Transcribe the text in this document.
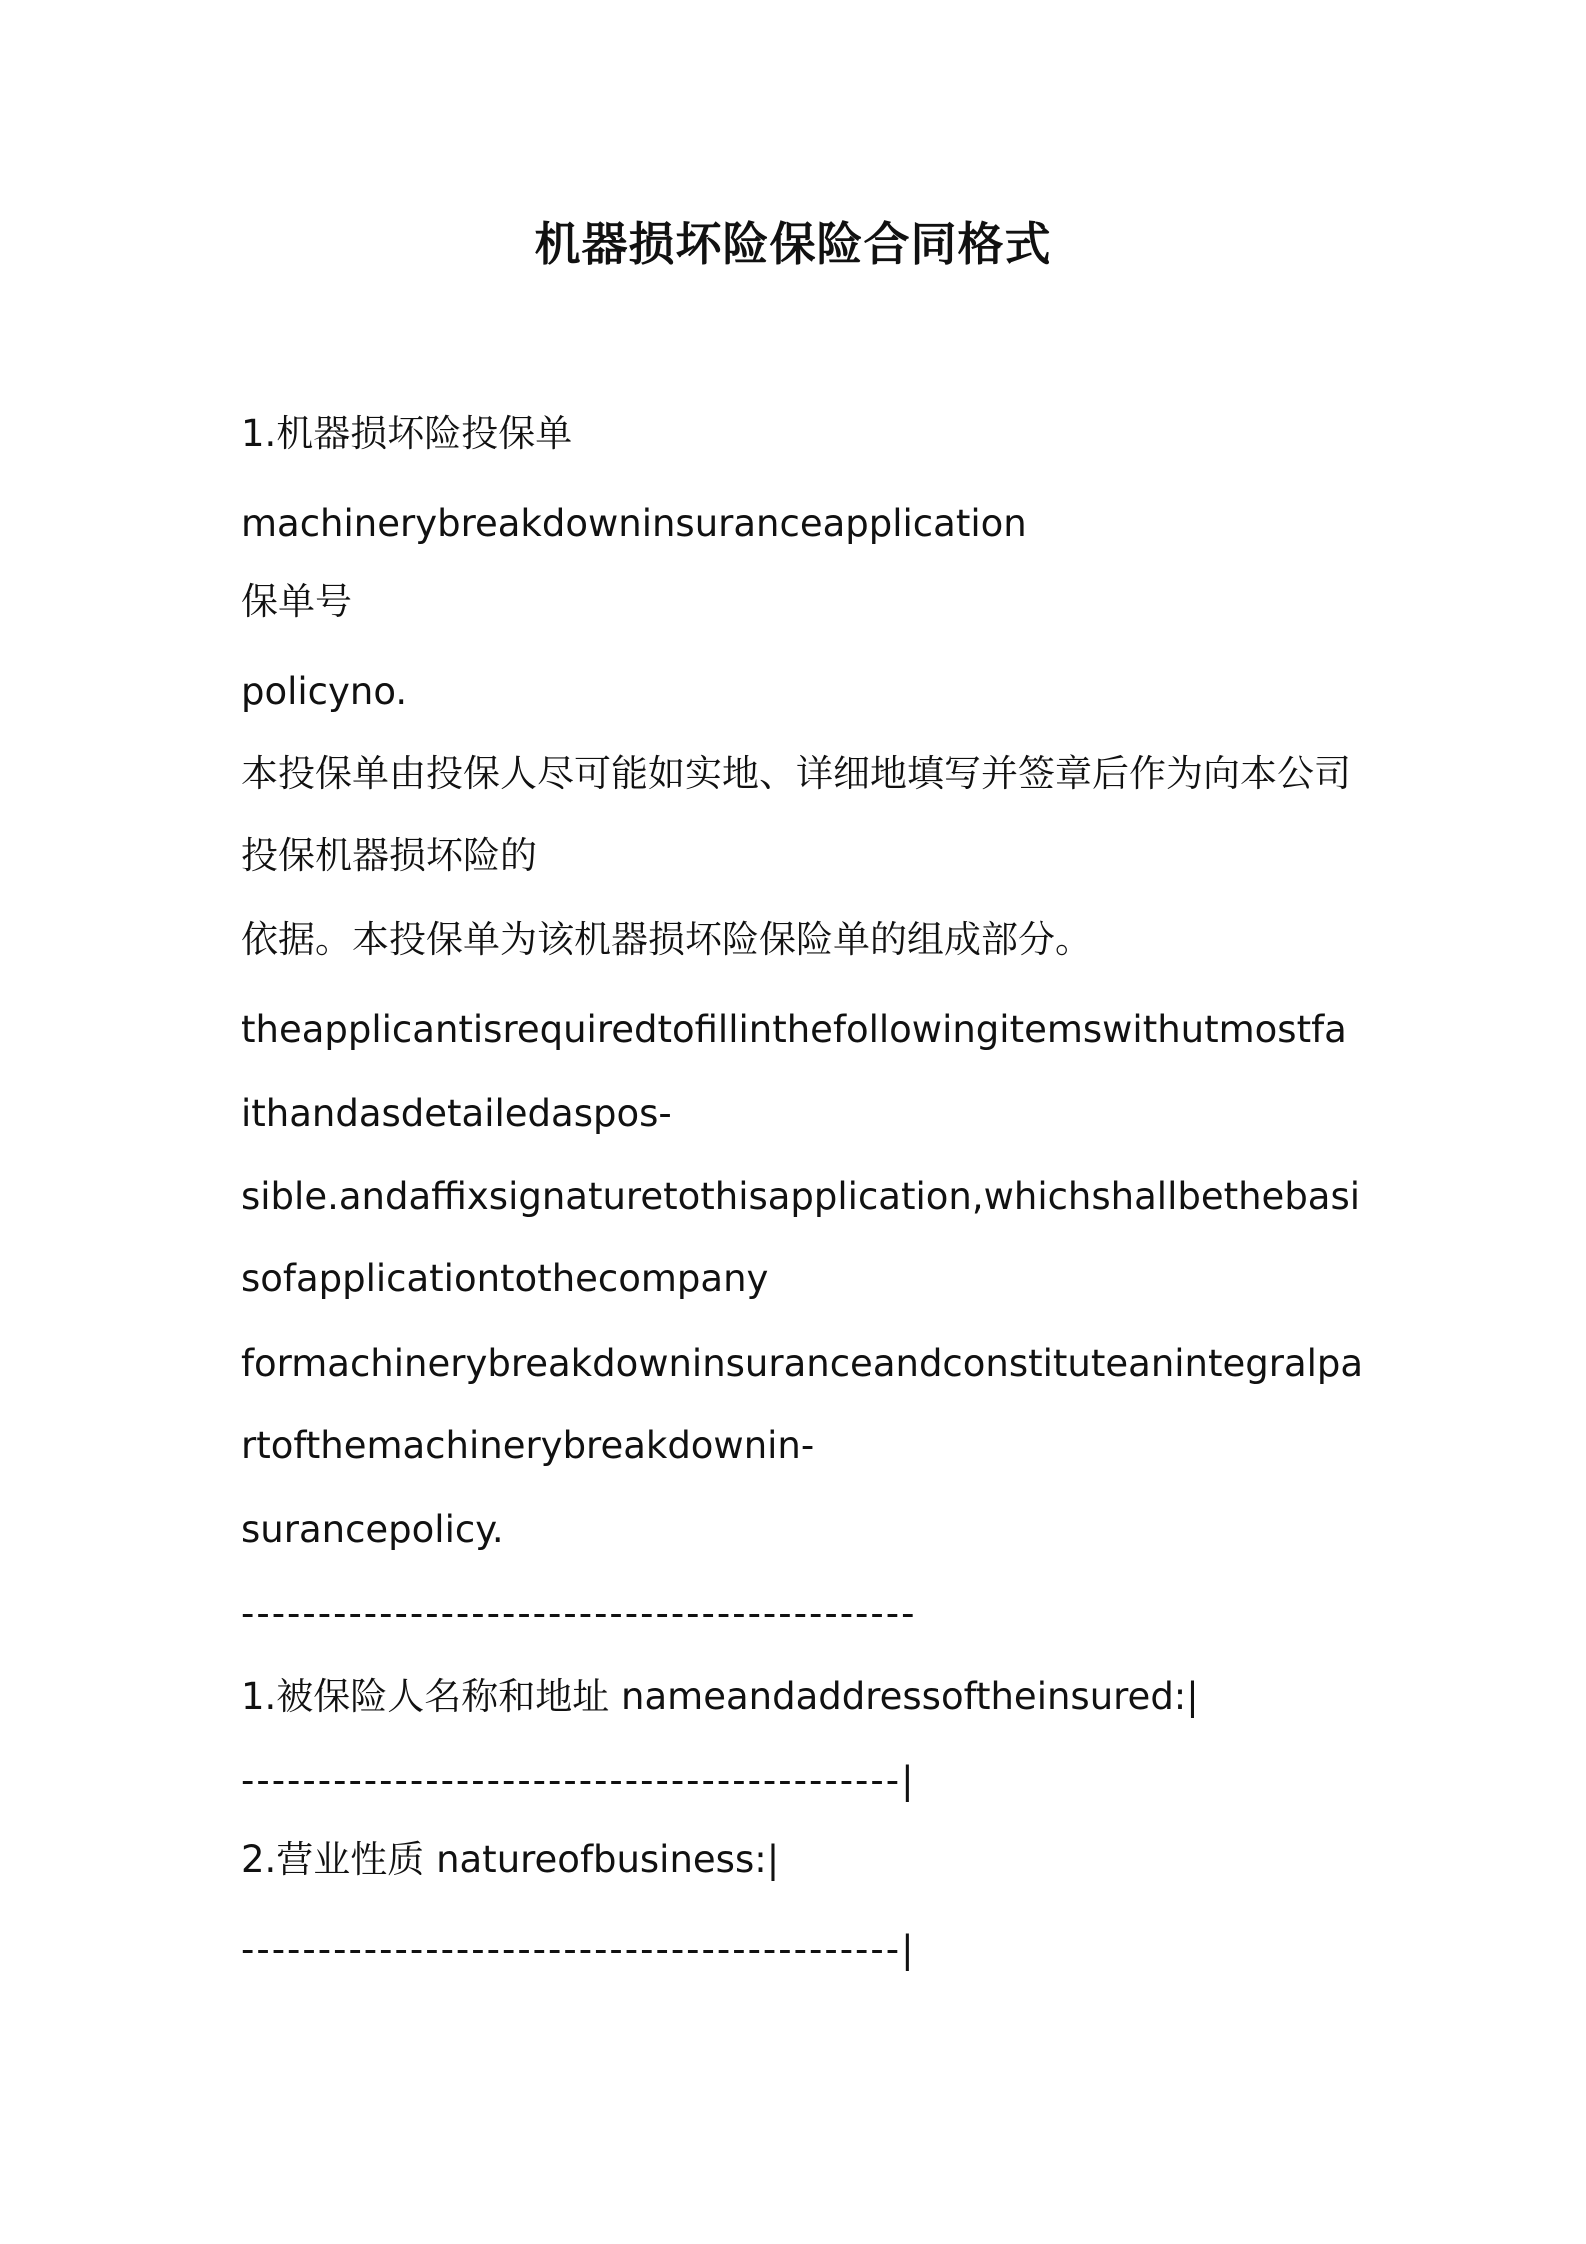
机器损坏险保险合同格式
1.机器损坏险投保单
machinerybreakdowninsuranceapplication
保单号
policyno.
本投保单由投保人尽可能如实地、详细地填写并签章后作为向本公司
投保机器损坏险的
依据。本投保单为该机器损坏险保险单的组成部分。
theapplicantisrequiredtofillinthefollowingitemswithutmostfa
ithandasdetailedaspos-
sible.andaffixsignaturetothisapplication,whichshallbethebasi
sofapplicationtothecompany
formachinerybreakdowninsuranceandconstituteanintegralpa
rtofthemachinerybreakdownin-
surancepolicy.
--------------------------------------------
1.被保险人名称和地址 nameandaddressoftheinsured:|
-------------------------------------------|
2.营业性质 natureofbusiness:|
-------------------------------------------|
